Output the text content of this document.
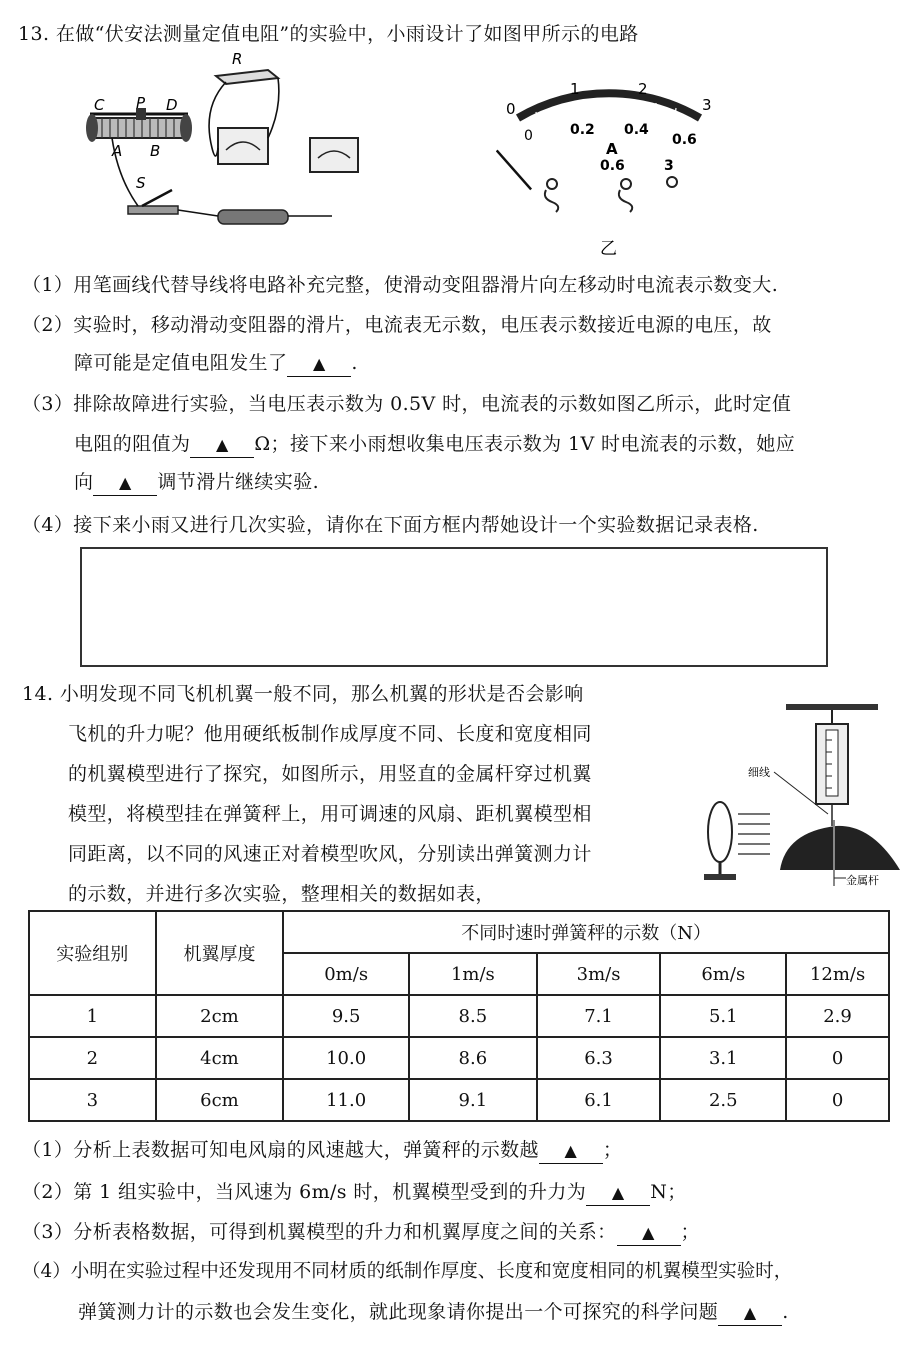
13. 在做“伏安法测量定值电阻”的实验中，小雨设计了如图甲所示的电路
C P D
A B
R
S
0
1	2
3
0	0.2 0.4
0.6
A
0.6	3
乙
（1）用笔画线代替导线将电路补充完整，使滑动变阻器滑片向左移动时电流表示数变大.
（2）实验时，移动滑动变阻器的滑片，电流表无示数，电压表示数接近电源的电压，故
障可能是定值电阻发生了 ▲ .
（3）排除故障进行实验，当电压表示数为 0.5V 时，电流表的示数如图乙所示，此时定值
电阻的阻值为 ▲ Ω；接下来小雨想收集电压表示数为 1V 时电流表的示数，她应
向 ▲ 调节滑片继续实验.
（4）接下来小雨又进行几次实验，请你在下面方框内帮她设计一个实验数据记录表格.
14. 小明发现不同飞机机翼一般不同，那么机翼的形状是否会影响
飞机的升力呢？他用硬纸板制作成厚度不同、长度和宽度相同
的机翼模型进行了探究，如图所示，用竖直的金属杆穿过机翼
模型，将模型挂在弹簧秤上，用可调速的风扇、距机翼模型相
同距离，以不同的风速正对着模型吹风，分别读出弹簧测力计
的示数，并进行多次实验，整理相关的数据如表，
细线
金属杆
实验组别	机翼厚度	不同时速时弹簧秤的示数（N）				
		0m/s	1m/s	3m/s	6m/s	12m/s
1	2cm	9.5	8.5	7.1	5.1	2.9
2	4cm	10.0	8.6	6.3	3.1	0
3	6cm	11.0	9.1	6.1	2.5	0
（1）分析上表数据可知电风扇的风速越大，弹簧秤的示数越 ▲ ；
（2）第 1 组实验中，当风速为 6m/s 时，机翼模型受到的升力为 ▲ N；
（3）分析表格数据，可得到机翼模型的升力和机翼厚度之间的关系： ▲ ；
（4）小明在实验过程中还发现用不同材质的纸制作厚度、长度和宽度相同的机翼模型实验时，
弹簧测力计的示数也会发生变化，就此现象请你提出一个可探究的科学问题 ▲ .
